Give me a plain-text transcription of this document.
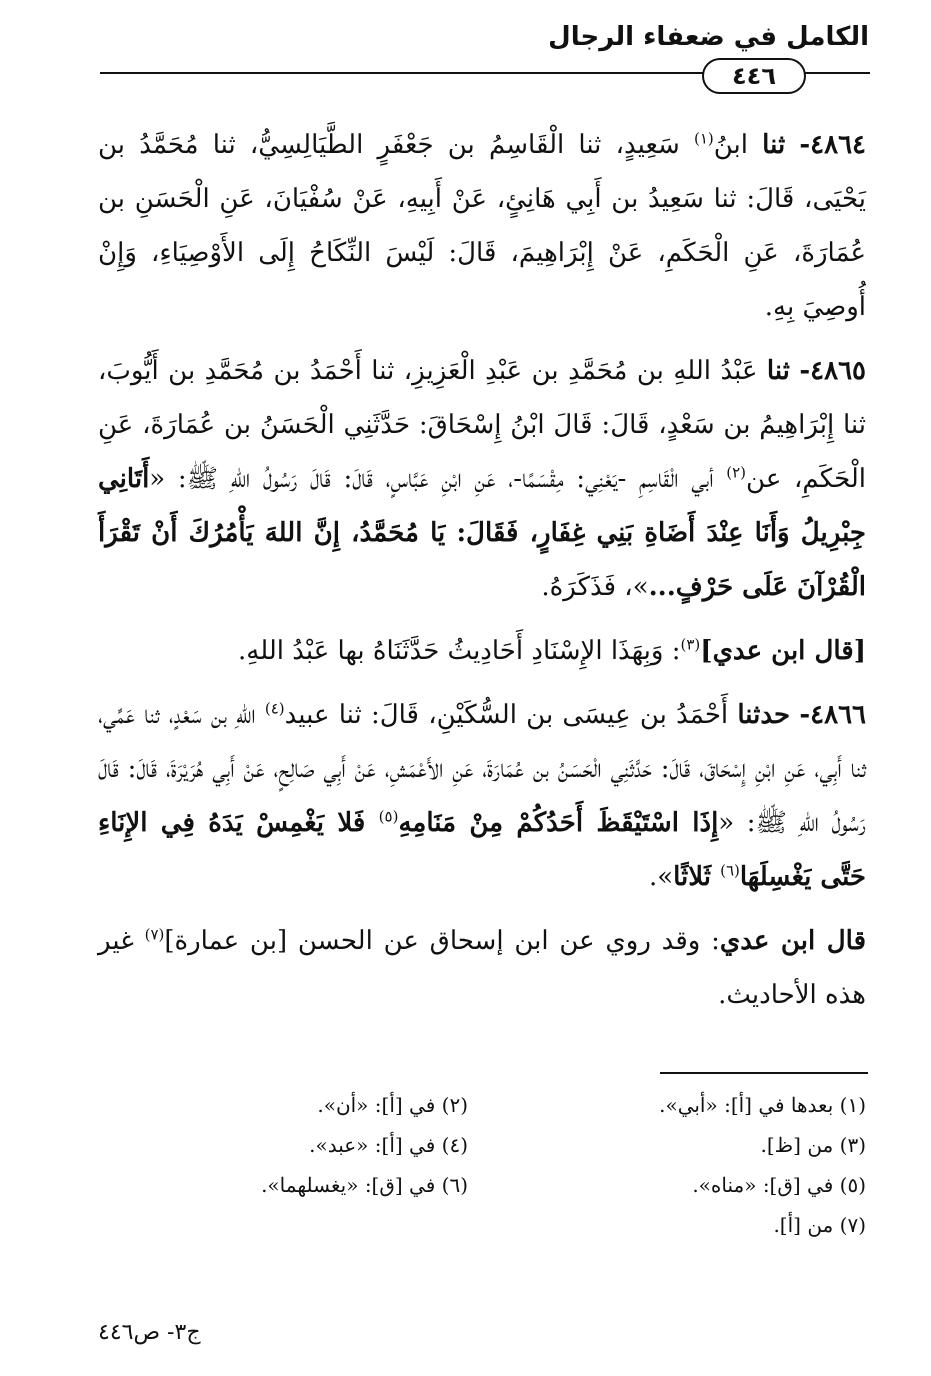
الكامل في ضعفاء الرجال
٤٤٦

٤٨٦٤- ثنا ابنُ$^{(١)}$ سَعِيدٍ، ثنا الْقَاسِمُ بن جَعْفَرٍ الطَّيَالِسِيُّ، ثنا مُحَمَّدُ بن يَحْيَى، قَالَ: ثنا سَعِيدُ بن أَبِي هَانِئٍ، عَنْ أَبِيهِ، عَنْ سُفْيَانَ، عَنِ الْحَسَنِ بن عُمَارَةَ، عَنِ الْحَكَمِ، عَنْ إِبْرَاهِيمَ، قَالَ: لَيْسَ النِّكَاحُ إِلَى الأَوْصِيَاءِ، وَإِنْ أُوصِيَ بِهِ.

٤٨٦٥- ثنا عَبْدُ اللهِ بن مُحَمَّدِ بن عَبْدِ الْعَزِيزِ، ثنا أَحْمَدُ بن مُحَمَّدِ بن أَيُّوبَ، ثنا إِبْرَاهِيمُ بن سَعْدٍ، قَالَ: قَالَ ابْنُ إِسْحَاقَ: حَدَّثَنِي الْحَسَنُ بن عُمَارَةَ، عَنِ الْحَكَمِ، عن$^{(٢)}$ أبي الْقَاسِمِ -يَعْنِي: مِقْسَمًا-، عَنِ ابْنِ عَبَّاسٍ، قَالَ: قَالَ رَسُولُ اللهِ ﷺ: «أَتَانِي جِبْرِيلُ وَأَنَا عِنْدَ أَضَاةِ بَنِي غِفَارٍ، فَقَالَ: يَا مُحَمَّدُ، إِنَّ اللهَ يَأْمُرُكَ أَنْ تَقْرَأَ الْقُرْآنَ عَلَى حَرْفٍ...»، فَذَكَرَهُ.

[قال ابن عدي]$^{(٣)}$: وَبِهَذَا الإِسْنَادِ أَحَادِيثُ حَدَّثَنَاهُ بها عَبْدُ اللهِ.

٤٨٦٦- حدثنا أَحْمَدُ بن عِيسَى بن السُّكَيْنِ، قَالَ: ثنا عبيد$^{(٤)}$ اللهِ بن سَعْدٍ، ثنا عَمِّي، ثنا أَبِي، عَنِ ابْنِ إِسْحَاقَ، قَالَ: حَدَّثَنِي الْحَسَنُ بن عُمَارَةَ، عَنِ الأَعْمَشِ، عَنْ أَبِي صَالِحٍ، عَنْ أَبِي هُرَيْرَةَ، قَالَ: قَالَ رَسُولُ اللهِ ﷺ: «إِذَا اسْتَيْقَظَ أَحَدُكُمْ مِنْ مَنَامِهِ$^{(٥)}$ فَلا يَغْمِسْ يَدَهُ فِي الإِنَاءِ حَتَّى يَغْسِلَهَا$^{(٦)}$ ثَلاثًا».

قال ابن عدي: وقد روي عن ابن إسحاق عن الحسن [بن عمارة]$^{(٧)}$ غير هذه الأحاديث.

(١) بعدها في [أ]: «أبي».
(٢) في [أ]: «أن».
(٣) من [ظ].
(٤) في [أ]: «عبد».
(٥) في [ق]: «مناه».
(٦) في [ق]: «يغسلهما».
(٧) من [أ].
ج٣- ص٤٤٦
